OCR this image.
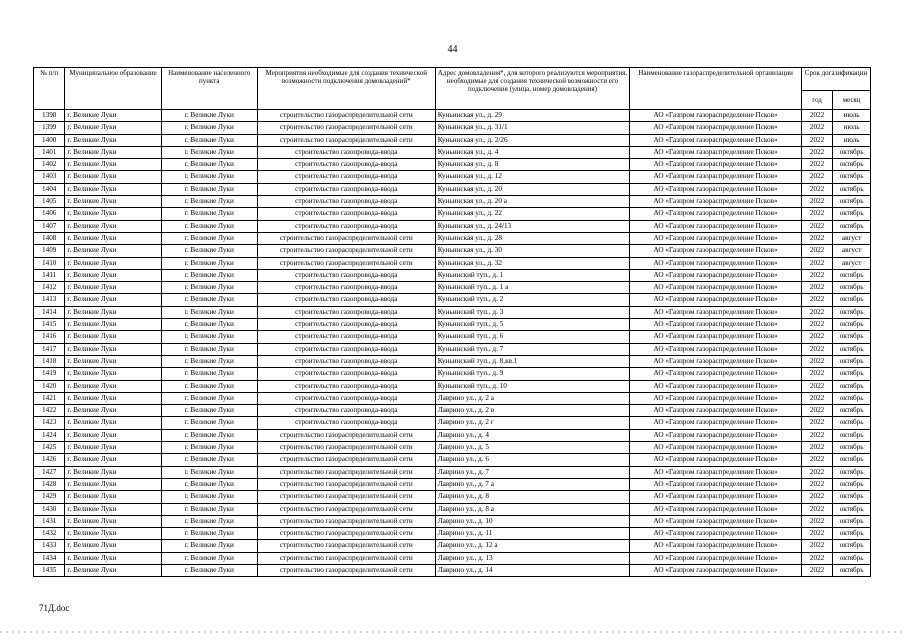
44
№ п/п	Муниципальное образование	Наименование населенного пункта	Мероприятия необходимые для создания технической возможности подключения домовладений*	Адрес домовладения*, для которого реализуются мероприятия, необходимые для создания технической возможности его подключения (улица, номер домовладения)	Наименование газораспределительной организации	Срок догазификации	
						год	месяц
1398	г. Великие Луки	г. Великие Луки	строительство газораспределительной сети	Куньинская ул., д. 29	АО «Газпром газораспределение Псков»	2022	июль
1399	г. Великие Луки	г. Великие Луки	строительство газораспределительной сети	Куньинская ул., д. 31/1	АО «Газпром газораспределение Псков»	2022	июль
1400	г. Великие Луки	г. Великие Луки	строительство газораспределительной сети	Куньинская ул., д. 2/26	АО «Газпром газораспределение Псков»	2022	июль
1401	г. Великие Луки	г. Великие Луки	строительство газопровода-ввода	Куньинская ул., д. 4	АО «Газпром газораспределение Псков»	2022	октябрь
1402	г. Великие Луки	г. Великие Луки	строительство газопровода-ввода	Куньинская ул., д. 8	АО «Газпром газораспределение Псков»	2022	октябрь
1403	г. Великие Луки	г. Великие Луки	строительство газопровода-ввода	Куньинская ул., д. 12	АО «Газпром газораспределение Псков»	2022	октябрь
1404	г. Великие Луки	г. Великие Луки	строительство газопровода-ввода	Куньинская ул., д. 20	АО «Газпром газораспределение Псков»	2022	октябрь
1405	г. Великие Луки	г. Великие Луки	строительство газопровода-ввода	Куньинская ул., д. 20 а	АО «Газпром газораспределение Псков»	2022	октябрь
1406	г. Великие Луки	г. Великие Луки	строительство газопровода-ввода	Куньинская ул., д. 22	АО «Газпром газораспределение Псков»	2022	октябрь
1407	г. Великие Луки	г. Великие Луки	строительство газопровода-ввода	Куньинская ул., д. 24/13	АО «Газпром газораспределение Псков»	2022	октябрь
1408	г. Великие Луки	г. Великие Луки	строительство газораспределительной сети	Куньинская ул., д. 28	АО «Газпром газораспределение Псков»	2022	август
1409	г. Великие Луки	г. Великие Луки	строительство газораспределительной сети	Куньинская ул., д. 30	АО «Газпром газораспределение Псков»	2022	август
1410	г. Великие Луки	г. Великие Луки	строительство газораспределительной сети	Куньинская ул., д. 32	АО «Газпром газораспределение Псков»	2022	август
1411	г. Великие Луки	г. Великие Луки	строительство газопровода-ввода	Куньинский туп., д. 1	АО «Газпром газораспределение Псков»	2022	октябрь
1412	г. Великие Луки	г. Великие Луки	строительство газопровода-ввода	Куньинский туп., д. 1 а	АО «Газпром газораспределение Псков»	2022	октябрь
1413	г. Великие Луки	г. Великие Луки	строительство газопровода-ввода	Куньинский туп., д. 2	АО «Газпром газораспределение Псков»	2022	октябрь
1414	г. Великие Луки	г. Великие Луки	строительство газопровода-ввода	Куньинский туп., д. 3	АО «Газпром газораспределение Псков»	2022	октябрь
1415	г. Великие Луки	г. Великие Луки	строительство газопровода-ввода	Куньинский туп., д. 5	АО «Газпром газораспределение Псков»	2022	октябрь
1416	г. Великие Луки	г. Великие Луки	строительство газопровода-ввода	Куньинский туп., д. 6	АО «Газпром газораспределение Псков»	2022	октябрь
1417	г. Великие Луки	г. Великие Луки	строительство газопровода-ввода	Куньинский туп., д. 7	АО «Газпром газораспределение Псков»	2022	октябрь
1418	г. Великие Луки	г. Великие Луки	строительство газопровода-ввода	Куньинский туп., д. 8,кв.1	АО «Газпром газораспределение Псков»	2022	октябрь
1419	г. Великие Луки	г. Великие Луки	строительство газопровода-ввода	Куньинский туп., д. 9	АО «Газпром газораспределение Псков»	2022	октябрь
1420	г. Великие Луки	г. Великие Луки	строительство газопровода-ввода	Куньинский туп., д. 10	АО «Газпром газораспределение Псков»	2022	октябрь
1421	г. Великие Луки	г. Великие Луки	строительство газопровода-ввода	Лаврино ул., д. 2 а	АО «Газпром газораспределение Псков»	2022	октябрь
1422	г. Великие Луки	г. Великие Луки	строительство газопровода-ввода	Лаврино ул., д. 2 в	АО «Газпром газораспределение Псков»	2022	октябрь
1423	г. Великие Луки	г. Великие Луки	строительство газопровода-ввода	Лаврино ул., д. 2 г	АО «Газпром газораспределение Псков»	2022	октябрь
1424	г. Великие Луки	г. Великие Луки	строительство газораспределительной сети	Лаврино ул., д. 4	АО «Газпром газораспределение Псков»	2022	октябрь
1425	г. Великие Луки	г. Великие Луки	строительство газораспределительной сети	Лаврино ул., д. 5	АО «Газпром газораспределение Псков»	2022	октябрь
1426	г. Великие Луки	г. Великие Луки	строительство газораспределительной сети	Лаврино ул., д. 6	АО «Газпром газораспределение Псков»	2022	октябрь
1427	г. Великие Луки	г. Великие Луки	строительство газораспределительной сети	Лаврино ул., д. 7	АО «Газпром газораспределение Псков»	2022	октябрь
1428	г. Великие Луки	г. Великие Луки	строительство газораспределительной сети	Лаврино ул., д. 7 а	АО «Газпром газораспределение Псков»	2022	октябрь
1429	г. Великие Луки	г. Великие Луки	строительство газораспределительной сети	Лаврино ул., д. 8	АО «Газпром газораспределение Псков»	2022	октябрь
1430	г. Великие Луки	г. Великие Луки	строительство газораспределительной сети	Лаврино ул., д. 8 а	АО «Газпром газораспределение Псков»	2022	октябрь
1431	г. Великие Луки	г. Великие Луки	строительство газораспределительной сети	Лаврино ул., д. 10	АО «Газпром газораспределение Псков»	2022	октябрь
1432	г. Великие Луки	г. Великие Луки	строительство газораспределительной сети	Лаврино ул., д. 11	АО «Газпром газораспределение Псков»	2022	октябрь
1433	г. Великие Луки	г. Великие Луки	строительство газораспределительной сети	Лаврино ул., д. 12 а	АО «Газпром газораспределение Псков»	2022	октябрь
1434	г. Великие Луки	г. Великие Луки	строительство газораспределительной сети	Лаврино ул., д. 13	АО «Газпром газораспределение Псков»	2022	октябрь
1435	г. Великие Луки	г. Великие Луки	строительство газораспределительной сети	Лаврино ул., д. 14	АО «Газпром газораспределение Псков»	2022	октябрь
71Д.doc
